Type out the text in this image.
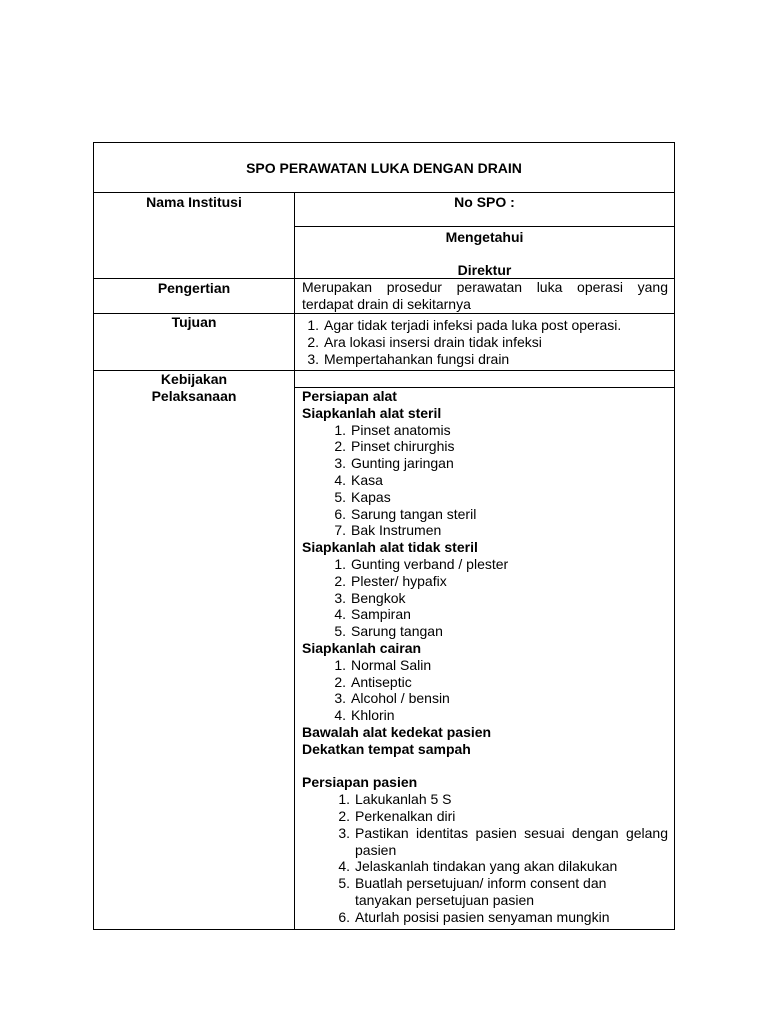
SPO PERAWATAN LUKA DENGAN DRAIN
Nama Institusi	No SPO :
Mengetahui
Direktur
Pengertian	Merupakan prosedur perawatan luka operasi yang terdapat drain di sekitarnya
Tujuan	1. Agar tidak terjadi infeksi pada luka post operasi.
2. Ara lokasi insersi drain tidak infeksi
3. Mempertahankan fungsi drain
Kebijakan
Pelaksanaan	Persiapan alat
Siapkanlah alat steril
1. Pinset anatomis
2. Pinset chirurghis
3. Gunting jaringan
4. Kasa
5. Kapas
6. Sarung tangan steril
7. Bak Instrumen
Siapkanlah alat tidak steril
1. Gunting verband / plester
2. Plester/ hypafix
3. Bengkok
4. Sampiran
5. Sarung tangan
Siapkanlah cairan
1. Normal Salin
2. Antiseptic
3. Alcohol / bensin
4. Khlorin
Bawalah alat kedekat pasien
Dekatkan tempat sampah
Persiapan pasien
1. Lakukanlah 5 S
2. Perkenalkan diri
3. Pastikan identitas pasien sesuai dengan gelang pasien
4. Jelaskanlah tindakan yang akan dilakukan
5. Buatlah persetujuan/ inform consent dan tanyakan persetujuan pasien
6. Aturlah posisi pasien senyaman mungkin
